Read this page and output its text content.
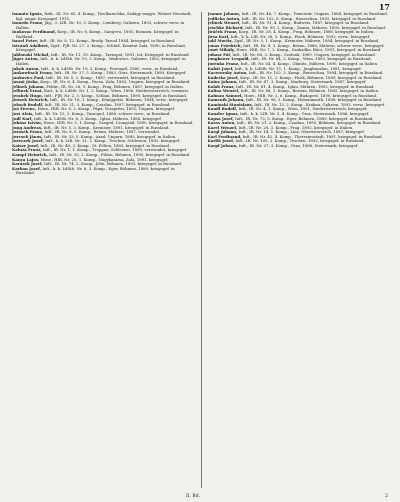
17
Isnanto Ignác, fizik., III. Nr. 65, 4. Komp., Tirolbarschka, Szilágy megye, Wiener Neustadt, kgl. ungar. Kriegsgef. 1915.
Isnardo Franz, Jäg., 3. LIR. Nr. 10, 3. Komp., Lemberg, Galizien, 1893, schwer verw. in Italien.
Inokovac Ferdinand, Korp., IR. Nr. 8, Komp., Sarajevo, 1891, Bosnien, Kriegsgef. in Rußland.
Israel Peter, Inft., IR. Nr. 8, 12. Komp., Brody, Tarnol 1884, kriegsgef. in Russland.
Istvánfi Adalbert, Zgsf., FJB. Nr. 27, 2. Komp., Schluß, Komitat Zala, 1890, in Russland, Kriegsgef.
Jablonski Michał, Inft., IR. Nr. 11, 10. Komp., Tarnopol, 1891, tot, Kriegsgef. in Russland.
Jäger Anton, Inft., k. k. LdStb. Nr. 19, 3. Komp., Wadowice, Galizien, 1892, kriegsgef. in Italien.
Jakob Anton, Inft., k. k. LdStb. Nr. 19, 3. Komp., Przemyśl, 1880, verw., in Russland.
Jankowitsch Franz, Inft., IR. Nr. 27, 5. Komp., 1883, Graz, Steiermark, 1899, Kriegsgef.
Jankovics Paul, Inft., IR. Nr. 5, 2. Komp., 1887, verwundet, kriegsgef. in Russland.
Jaszai Jóska, Korp., IR. Nr. 6, 4. Komp., Pacsa, Zala, 1883, Ungarn, kriegsgef. in Russland.
Jelinek Johann, Feldw., IR. Nr. 28, 9. Komp., Prag, Böhmen, 1887, kriegsgef. in Italien.
Jellinek Ernst, Kad., k. k. LdStb. Nr. 1, 2. Komp., Wien, 1896, Niederösterreich, vermisst.
Jerabek Hugo, Inft., FJB. Nr. 2, 3. Komp., Schlan, Böhmen, 1890, kriegsgef. in Russland.
Jirásek Heinrich, Inft., IR. Nr. 18, 1. Komp., Königgrätz, Böhmen, 1894, verw., kriegsgef.
Joksch Rudolf, Inft., IR. Nr. 21, 3. Komp., Czaslau, 1897, kriegsgef. in Russland.
Joó Ferenc, Honv., HIR. Nr. 8, 2. Komp., Pápa, Veszprém, 1892, Ungarn, kriegsgef.
Jost Alois, Inft., IR. Nr. 15, 3. Komp., Tarnopol, 1888, schwer verw., in Russland.
Judl Karl, Inft., k. k. LdStb. Nr. 8, 3. Komp., Iglau, Mähren, 1886, kriegsgef.
Juhász István, Honv., HIR. Nr. 5, 1. Komp., Szeged, Csongrád, 1890, kriegsgef. in Russland.
Jung Andreas, Inft., IR. Nr. 3, 3. Komp., Kremsier, 1891, kriegsgef. in Russland.
Jurasek Franz, Inft., IR. Nr. 8, 5. Komp., Brünn, Mähren, 1887, verwundet.
Jurcsek János, Inft., IR. Nr. 33, 5. Komp., Arad, Ungarn, 1883, kriegsgef. in Italien.
Jureczek Josef, Inft., k. k. LIR. Nr. 31, 2. Komp., Teschen, Schlesien, 1892, kriegsgef.
Kaiser Josef, Inft., IR. Nr. 49, 3. Komp., St. Pölten, 1885, kriegsgef. in Russland.
Kaluza Franz, Inft., IR. Nr. 1, 1. Komp., Troppau, Schlesien, 1889, verwundet, kriegsgef.
Kampf Heinrich, Inft., IR. Nr. 35, 2. Komp., Pilsen, Böhmen, 1890, kriegsgef. in Russland.
Kanya Lajos, Honv., HIR. Nr. 20, 1. Komp., Nagykanizsa, Zala, 1891, kriegsgef.
Karasek Josef, Inft., IR. Nr. 74, 2. Komp., Jičín, Böhmen, 1893, kriegsgef. in Russland.
Karban Josef, Inft., k. k. LdStb. Nr. 6, 3. Komp., Eger, Böhmen, 1880, kriegsgef. in Russland.
Jeanne Johann, Inft., IR. Nr. 46, 7. Komp., Temesvár, Ungarn, 1884, kriegsgef. in Russland.
Jedlicka Anton, Inft., IR. Nr. 102, 6. Komp., Beneschau, 1891, kriegsgef. in Russland.
Jelinek Wenzel, Inft., IR. Nr. 91, 4. Komp., Budweis, 1887, kriegsgef. in Russland.
Jeschke Richard, Inft., IR. Nr. 99, 2. Komp., Znaim, Mähren, 1890, kriegsgef. in Russland.
Jiráček Franz, Korp., IR. Nr. 28, 4. Komp., Prag, Böhmen, 1888, kriegsgef. in Italien.
Jirsa Karl, Inft., k. k. LIR. Nr. 28, 5. Komp., Pisek, Böhmen, 1892, verw., kriegsgef.
Jokl Moritz, Zgsf., IR. Nr. 3, 1. Komp., Kremsier, Mähren, 1894, kriegsgef. in Russland.
Jonas Friedrich, Inft., IR. Nr. 8, 3. Komp., Brünn, 1886, Mähren, schwer verw., kriegsgef.
Joszt Mihály, Honv., HIR. Nr. 7, 2. Komp., Szabadka, Bács, 1891, kriegsgef. in Russland.
Juhasz Pál, Inft., IR. Nr. 68, 3. Komp., Szolnok, 1889, Ungarn, kriegsgef. in Russland.
Jungbauer Leopold, Inft., IR. Nr. 84, 2. Komp., Wien, 1893, kriegsgef. in Russland.
Jurenka Franz, Inft., IR. Nr. 54, 4. Komp., Olmütz, Mähren, 1890, kriegsgef. in Italien.
Kabát Josef, Inft., k. k. LdStb. Nr. 11, 1. Komp., Jungbunzlau, 1881, kriegsgef.
Kacerovsky Anton, Inft., IR. Nr. 102, 5. Komp., Beneschau, 1894, kriegsgef. in Russland.
Kaderka Josef, Korp., IR. Nr. 11, 2. Komp., Pisek, Böhmen, 1889, kriegsgef. in Russland.
Kainz Johann, Inft., IR. Nr. 47, 3. Komp., Marburg, Steiermark, 1887, kriegsgef.
Kalab Franz, Inft., IR. Nr. 81, 4. Komp., Iglau, Mähren, 1892, kriegsgef. in Russland.
Kalina Wenzel, Inft., IR. Nr. 88, 1. Komp., Beraun, Böhmen, 1885, kriegsgef. in Italien.
Kalman Samuel, Honv., HIR. Nr. 2, 6. Komp., Budapest, 1890, kriegsgef. in Russland.
Kamenik Johann, Inft., IR. Nr. 98, 3. Komp., Hohenmauth, 1888, kriegsgef. in Russland.
Kaminski Stanislaus, Inft., IR. Nr. 13, 2. Komp., Krakau, Galizien, 1893, verw., kriegsgef.
Kandl Rudolf, Inft., IR. Nr. 4, 1. Komp., Wien, 1891, Niederösterreich, kriegsgef.
Kanzler Ignaz, Inft., k. k. LIR. Nr. 3, 4. Komp., Graz, Steiermark, 1886, kriegsgef.
Kapsa Josef, Inft., IR. Nr. 73, 5. Komp., Eger, Böhmen, 1889, kriegsgef. in Russland.
Karas Anton, Inft., IR. Nr. 21, 2. Komp., Czaslau, 1890, Böhmen, kriegsgef. in Russland.
Karel Wenzel, Inft., IR. Nr. 28, 3. Komp., Prag, 1892, kriegsgef. in Italien.
Kargl Johann, Inft., IR. Nr. 14, 1. Komp., Linz, Oberösterreich, 1887, kriegsgef.
Karl Ferdinand, Inft., IR. Nr. 42, 4. Komp., Theresienstadt, 1891, kriegsgef. in Russland.
Karlik Josef, Inft., IR. Nr. 100, 2. Komp., Teschen, 1893, kriegsgef. in Russland.
Karpf Johann, Inft., IR. Nr. 27, 3. Komp., Graz, 1888, Steiermark, kriegsgef.
II. Bd.	2
